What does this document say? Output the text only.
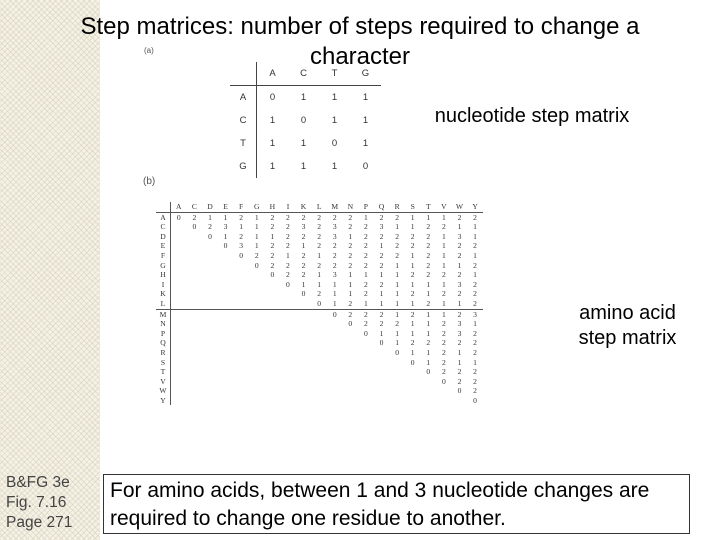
Step matrices: number of steps required to change a character
(a)
	A	C	T	G
A	0	1	1	1
C	1	0	1	1
T	1	1	0	1
G	1	1	1	0
nucleotide step matrix
(b)
	A	C	D	E	F	G	H	I	K	L	M	N	P	Q	R	S	T	V	W	Y
A	0	2	1	1	2	1	2	2	2	2	2	2	1	2	2	1	1	1	2	2
C		0	2	3	1	1	2	2	3	2	3	2	2	3	1	1	2	2	1	1
D			0	1	2	1	1	2	2	2	3	1	2	2	2	2	2	1	3	1
E				0	3	1	2	2	1	2	2	2	2	1	2	2	2	1	2	2
F					0	2	2	1	2	1	2	2	2	2	2	1	2	1	2	1
G						0	2	2	2	2	2	2	2	2	1	1	2	1	1	2
H							0	2	2	1	3	1	1	1	1	2	2	2	2	1
I								0	1	1	1	1	2	2	1	1	1	1	3	2
K									0	2	1	1	2	1	1	2	1	2	2	2
L										0	1	2	1	1	1	1	2	1	1	2
M											0	2	2	2	1	2	1	1	2	3
N												0	2	2	2	1	1	2	3	1
P													0	1	1	1	1	2	3	2
Q														0	1	2	2	2	2	2
R															0	1	1	2	1	2
S																0	1	2	1	1
T																	0	2	2	2
V																		0	2	2
W																			0	2
Y																				0
amino acid step matrix
B&FG 3e
Fig. 7.16
Page 271
For amino acids, between 1 and 3 nucleotide changes are required to change one residue to another.
